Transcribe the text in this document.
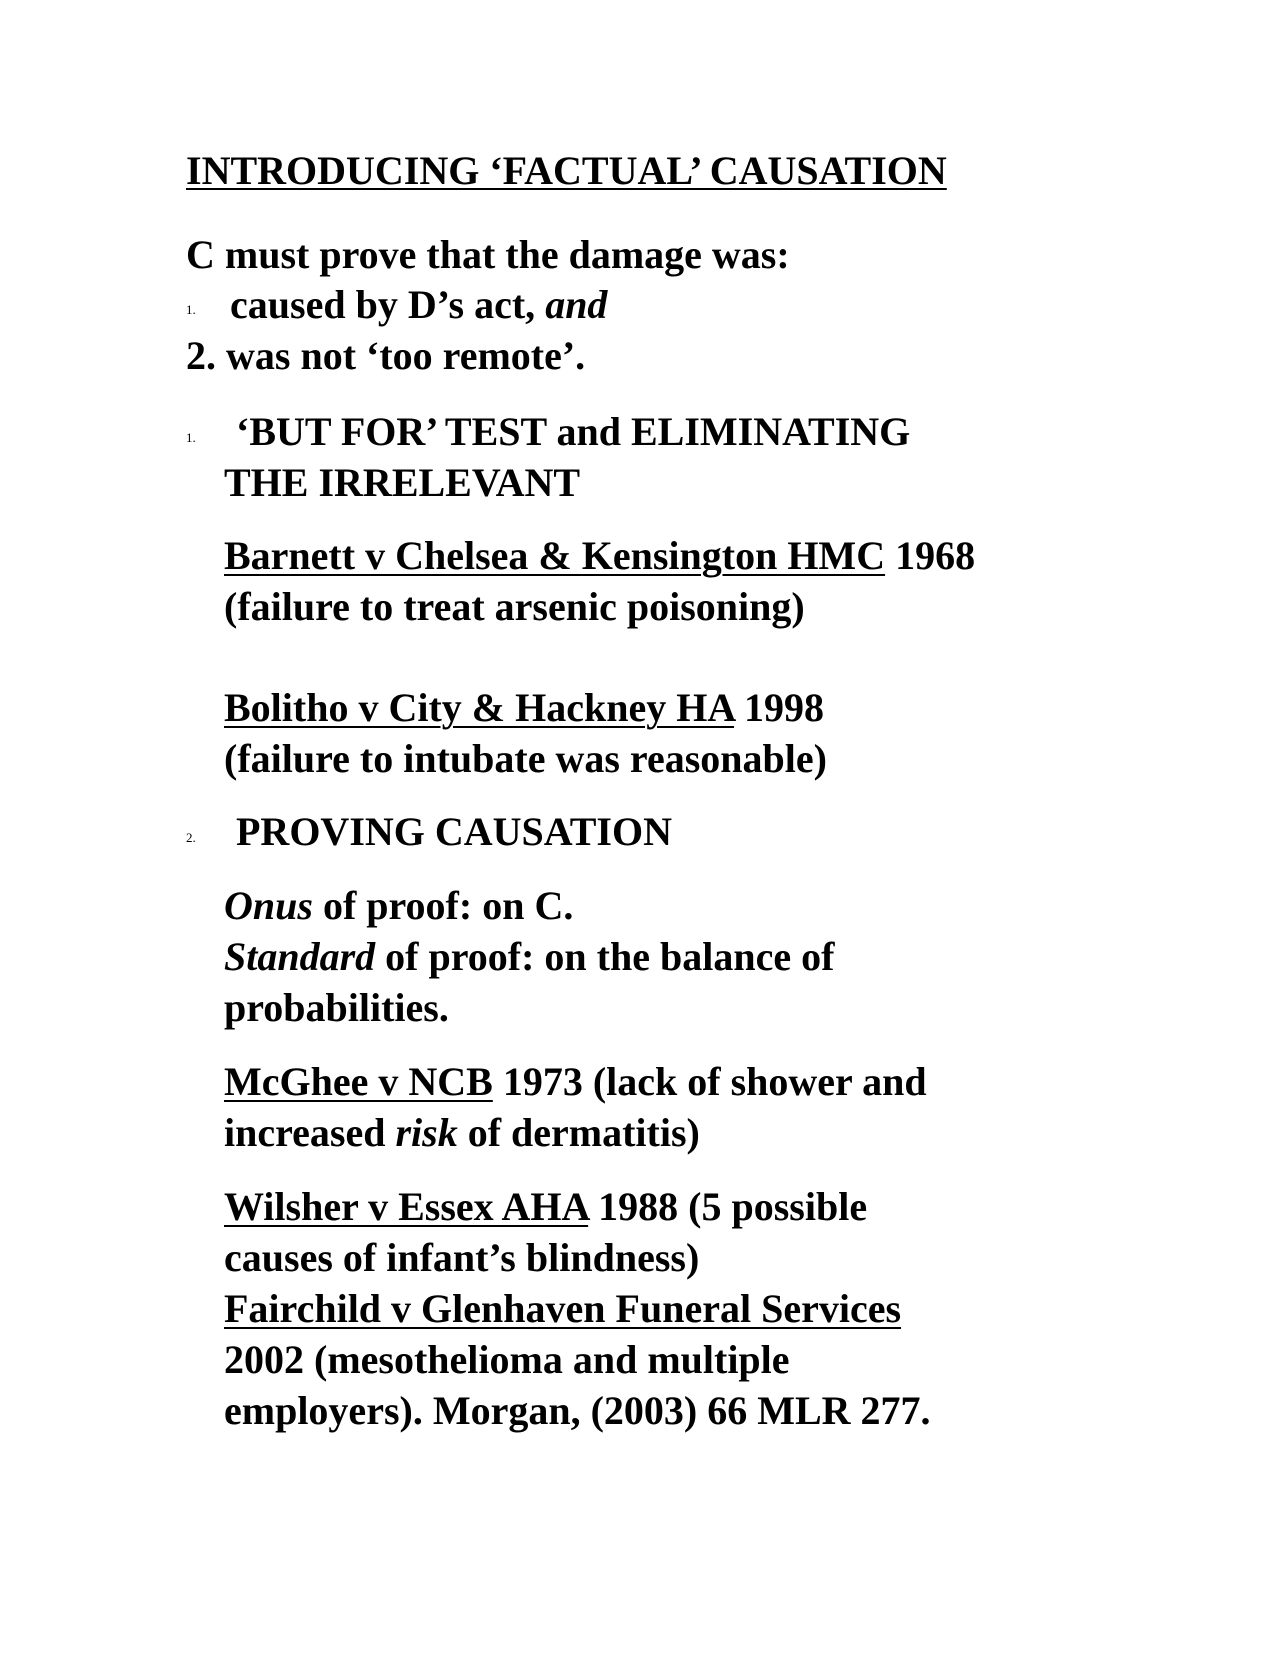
INTRODUCING ‘FACTUAL’ CAUSATION

C must prove that the damage was:

1. caused by D’s act, and

2. was not ‘too remote’.

1. ‘BUT FOR’ TEST and ELIMINATING

THE IRRELEVANT

Barnett v Chelsea & Kensington HMC 1968

(failure to treat arsenic poisoning)

Bolitho v City & Hackney HA 1998

(failure to intubate was reasonable)

2. PROVING CAUSATION

Onus of proof: on C.

Standard of proof: on the balance of

probabilities.

McGhee v NCB 1973 (lack of shower and

increased risk of dermatitis)

Wilsher v Essex AHA 1988 (5 possible

causes of infant’s blindness)

Fairchild v Glenhaven Funeral Services

2002 (mesothelioma and multiple

employers). Morgan, (2003) 66 MLR 277.
